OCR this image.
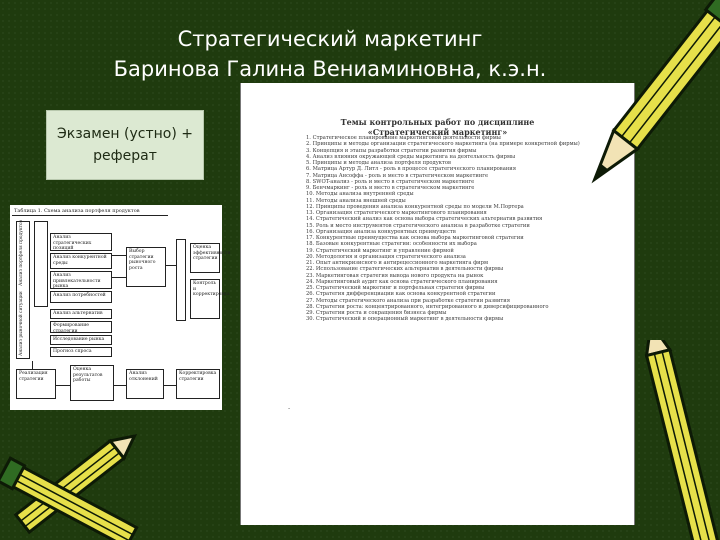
Стратегический маркетинг
Баринова Галина Вениаминовна, к.э.н.
Экзамен (устно) +
реферат
Темы контрольных работ по дисциплине
«Стратегический маркетинг»
1. Стратегическое планирование маркетинговой деятельности фирмы
2. Принципы и методы организации стратегического маркетинга (на примере конкретной фирмы)
3. Концепция и этапы разработки стратегии развития фирмы
4. Анализ влияния окружающей среды маркетинга на деятельность фирмы
5. Принципы и методы анализа портфеля продуктов
6. Матрица Артур Д. Литл - роль в процессе стратегического планирования
7. Матрица Ансоффа - роль и место в стратегическом маркетинге
8. SWOT-анализ - роль и место в стратегическом маркетинге
9. Бенчмаркинг - роль и место в стратегическом маркетинге
10. Методы анализа внутренней среды
11. Методы анализа внешней среды
12. Принципы проведения анализа конкурентной среды по модели М.Портера
13. Организация стратегического маркетингового планирования
14. Стратегический анализ как основа выбора стратегических альтернатив развития
15. Роль и место инструментов стратегического анализа в разработке стратегии
16. Организация анализа конкурентных преимуществ
17. Конкурентные преимущества как основа выбора маркетинговой стратегии
18. Базовые конкурентные стратегии: особенности их выбора
19. Стратегический маркетинг и управление фирмой
20. Методология и организация стратегического анализа
21. Опыт антикризисного и антирецессионного маркетинга фирм
22. Использование стратегических альтернатив в деятельности фирмы
23. Маркетинговая стратегия вывода нового продукта на рынок
24. Маркетинговый аудит как основа стратегического планирования
25. Стратегический маркетинг и портфельная стратегия фирмы
26. Стратегия дифференциации как основа конкурентной стратегии
27. Методы стратегического анализа при разработке стратегии развития
28. Стратегии роста: концентрированного, интегрированного и диверсифицированного
29. Стратегии роста и сокращения бизнеса фирмы
30. Стратегический и операционный маркетинг в деятельности фирмы
-
Таблица 1. Схема анализа портфеля продуктов
Анализ портфеля продуктов
Анализ рыночной ситуации
Анализ стратегических позиций
Анализ конкурентной среды
Анализ привлекательности рынка
Анализ потребностей
Анализ альтернатив
Формирование стратегии
Исследование рынка
Прогноз спроса
Выбор стратегии рыночного роста
Оценка эффективности стратегии
Контроль и корректировка
Реализация стратегии
Оценка результатов работы
Анализ отклонений
Корректировка стратегии
